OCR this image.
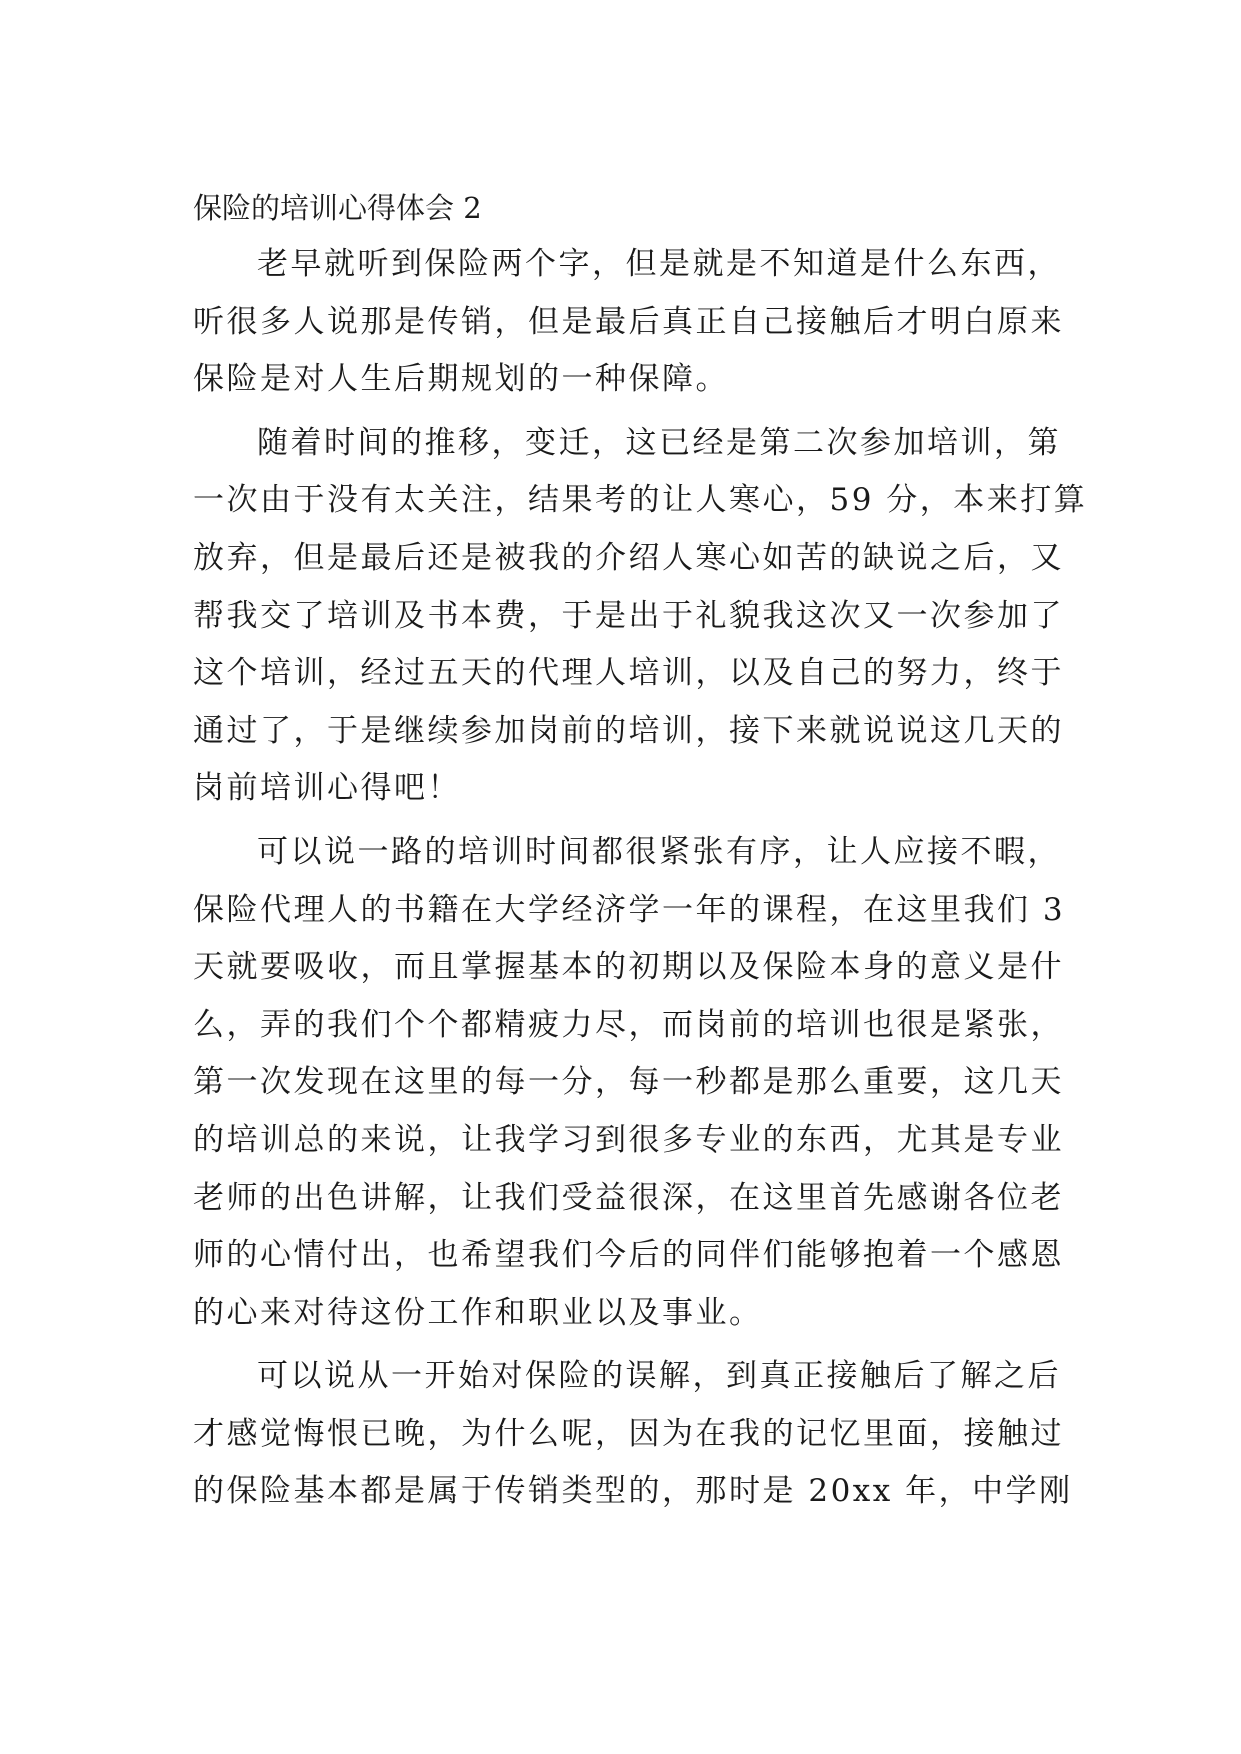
保险的培训心得体会 2
老早就听到保险两个字，但是就是不知道是什么东西，
听很多人说那是传销，但是最后真正自己接触后才明白原来
保险是对人生后期规划的一种保障。
随着时间的推移，变迁，这已经是第二次参加培训，第
一次由于没有太关注，结果考的让人寒心，59 分，本来打算
放弃，但是最后还是被我的介绍人寒心如苦的缺说之后，又
帮我交了培训及书本费，于是出于礼貌我这次又一次参加了
这个培训，经过五天的代理人培训，以及自己的努力，终于
通过了，于是继续参加岗前的培训，接下来就说说这几天的
岗前培训心得吧！
可以说一路的培训时间都很紧张有序，让人应接不暇，
保险代理人的书籍在大学经济学一年的课程，在这里我们 3
天就要吸收，而且掌握基本的初期以及保险本身的意义是什
么，弄的我们个个都精疲力尽，而岗前的培训也很是紧张，
第一次发现在这里的每一分，每一秒都是那么重要，这几天
的培训总的来说，让我学习到很多专业的东西，尤其是专业
老师的出色讲解，让我们受益很深，在这里首先感谢各位老
师的心情付出，也希望我们今后的同伴们能够抱着一个感恩
的心来对待这份工作和职业以及事业。
可以说从一开始对保险的误解，到真正接触后了解之后
才感觉悔恨已晚，为什么呢，因为在我的记忆里面，接触过
的保险基本都是属于传销类型的，那时是 20xx 年，中学刚
